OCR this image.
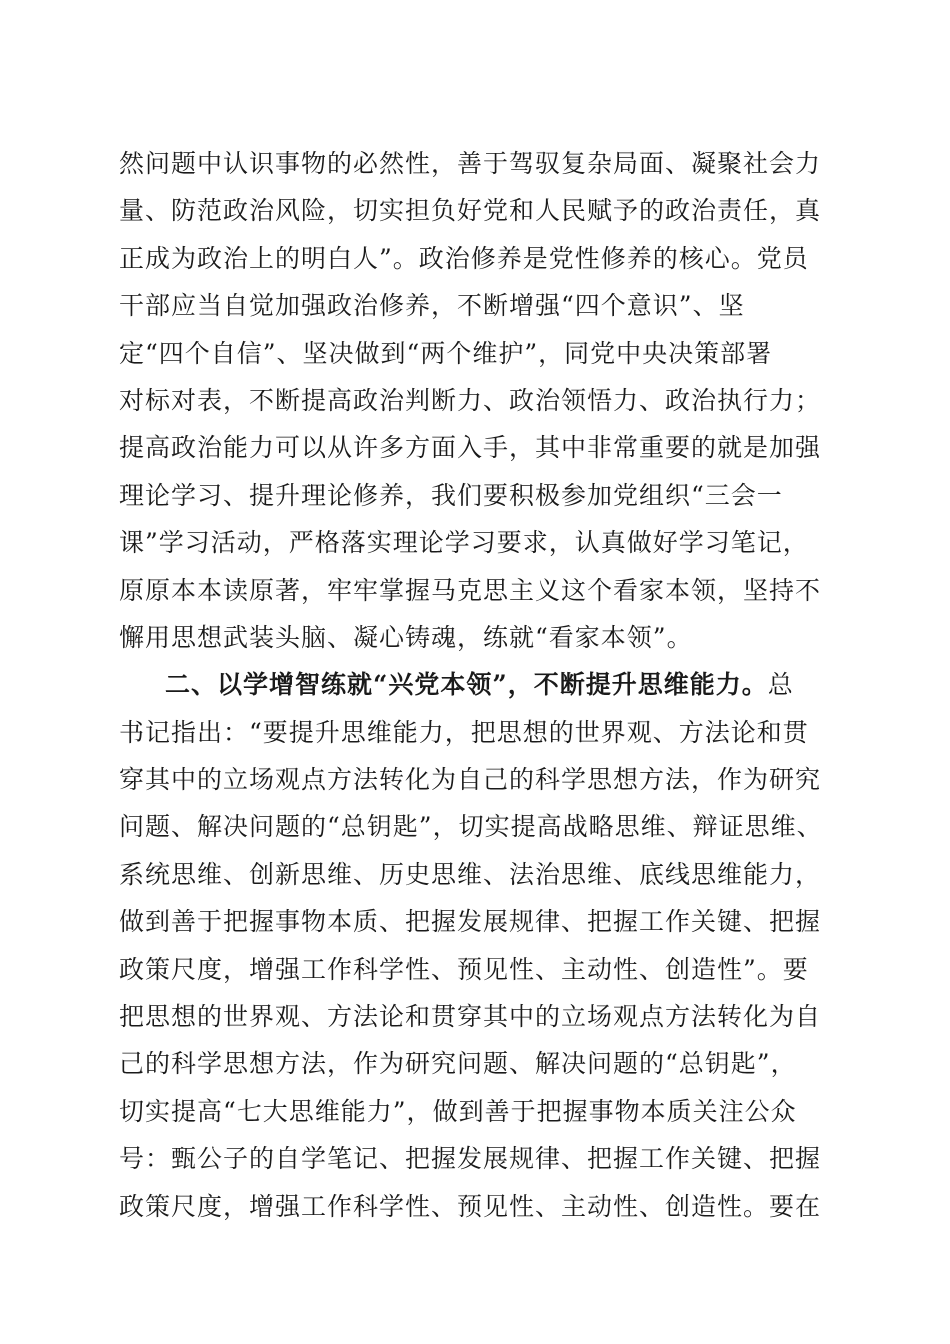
然问题中认识事物的必然性，善于驾驭复杂局面、凝聚社会力
量、防范政治风险，切实担负好党和人民赋予的政治责任，真
正成为政治上的明白人”。政治修养是党性修养的核心。党员
干部应当自觉加强政治修养，不断增强“四个意识”、坚
定“四个自信”、坚决做到“两个维护”，同党中央决策部署
对标对表，不断提高政治判断力、政治领悟力、政治执行力；
提高政治能力可以从许多方面入手，其中非常重要的就是加强
理论学习、提升理论修养，我们要积极参加党组织“三会一
课”学习活动，严格落实理论学习要求，认真做好学习笔记，
原原本本读原著，牢牢掌握马克思主义这个看家本领，坚持不
懈用思想武装头脑、凝心铸魂，练就“看家本领”。
二、以学增智练就“兴党本领”，不断提升思维能力。总
书记指出：“要提升思维能力，把思想的世界观、方法论和贯
穿其中的立场观点方法转化为自己的科学思想方法，作为研究
问题、解决问题的“总钥匙”，切实提高战略思维、辩证思维、
系统思维、创新思维、历史思维、法治思维、底线思维能力，
做到善于把握事物本质、把握发展规律、把握工作关键、把握
政策尺度，增强工作科学性、预见性、主动性、创造性”。要
把思想的世界观、方法论和贯穿其中的立场观点方法转化为自
己的科学思想方法，作为研究问题、解决问题的“总钥匙”，
切实提高“七大思维能力”，做到善于把握事物本质关注公众
号：甄公子的自学笔记、把握发展规律、把握工作关键、把握
政策尺度，增强工作科学性、预见性、主动性、创造性。要在
